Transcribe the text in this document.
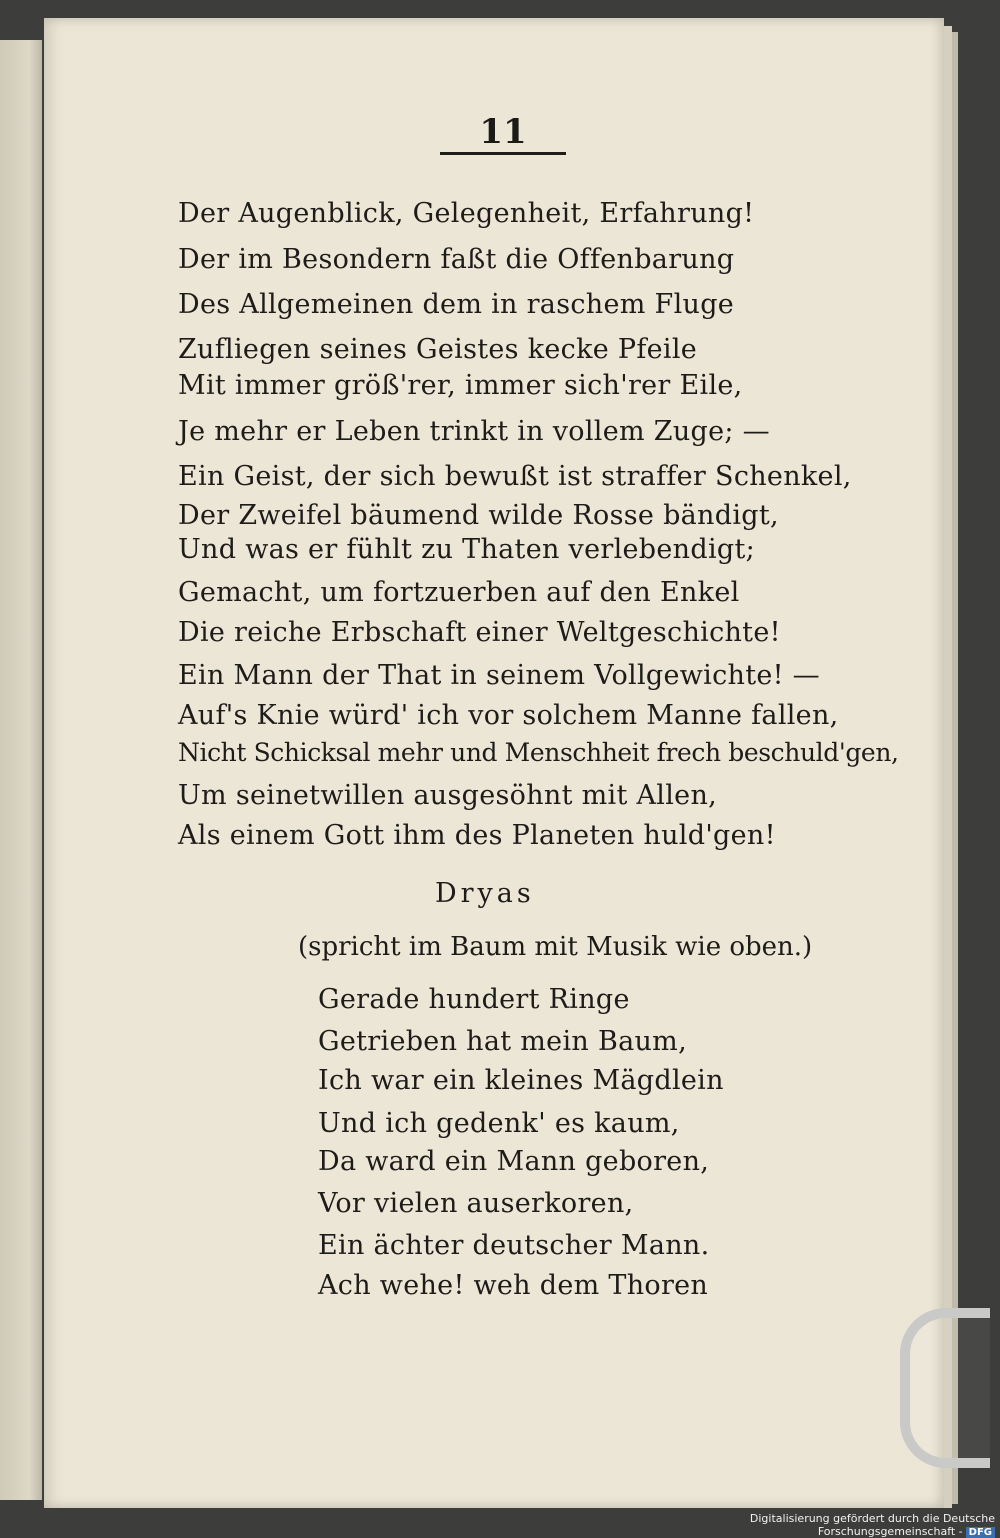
11
Der Augenblick, Gelegenheit, Erfahrung!
Der im Besondern faßt die Offenbarung
Des Allgemeinen dem in raschem Fluge
Zufliegen seines Geistes kecke Pfeile
Mit immer größ'rer, immer sich'rer Eile,
Je mehr er Leben trinkt in vollem Zuge; —
Ein Geist, der sich bewußt ist straffer Schenkel,
Der Zweifel bäumend wilde Rosse bändigt,
Und was er fühlt zu Thaten verlebendigt;
Gemacht, um fortzuerben auf den Enkel
Die reiche Erbschaft einer Weltgeschichte!
Ein Mann der That in seinem Vollgewichte! —
Auf's Knie würd' ich vor solchem Manne fallen,
Nicht Schicksal mehr und Menschheit frech beschuld'gen,
Um seinetwillen ausgesöhnt mit Allen,
Als einem Gott ihm des Planeten huld'gen!
Dryas
(spricht im Baum mit Musik wie oben.)
Gerade hundert Ringe
Getrieben hat mein Baum,
Ich war ein kleines Mägdlein
Und ich gedenk' es kaum,
Da ward ein Mann geboren,
Vor vielen auserkoren,
Ein ächter deutscher Mann.
Ach wehe! weh dem Thoren
Digitalisierung gefördert durch die Deutsche Forschungsgemeinschaft - DFG
